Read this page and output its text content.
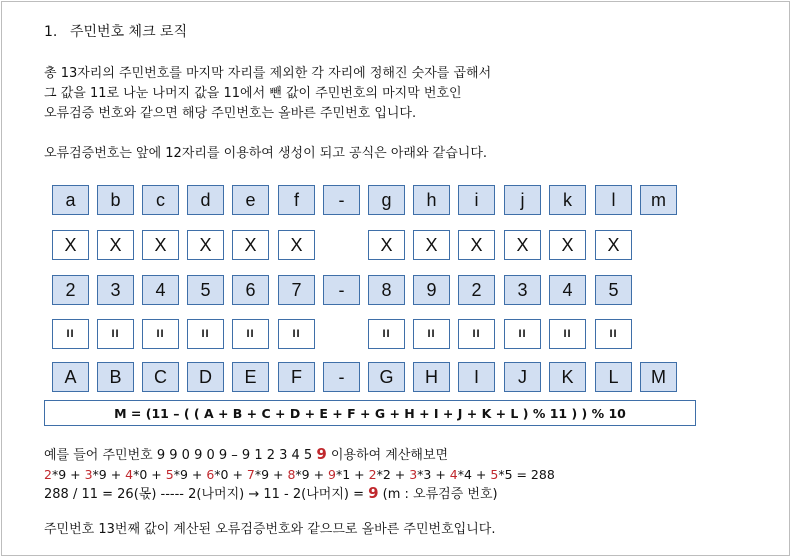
1. 주민번호 체크 로직
총 13자리의 주민번호를 마지막 자리를 제외한 각 자리에 정해진 숫자를 곱해서
그 값을 11로 나눈 나머지 값을 11에서 뺀 값이 주민번호의 마지막 번호인
오류검증 번호와 같으면 해당 주민번호는 올바른 주민번호 입니다.
오류검증번호는 앞에 12자리를 이용하여 생성이 되고 공식은 아래와 같습니다.
a	b	c	d	e	f	-	g	h	i	j	k	l	m
X	X	X	X	X	X	X	X	X	X	X	X
2	3	4	5	6	7	-	8	9	2	3	4	5
II	II	II	II	II	II	II	II	II	II	II	II
A	B	C	D	E	F	-	G	H	I	J	K	L	M
M = (11 – ( ( A + B + C + D + E + F + G + H + I + J + K + L ) % 11 ) ) % 10
예를 들어 주민번호 9 9 0 9 0 9 – 9 1 2 3 4 5 9 이용하여 계산해보면
2*9 + 3*9 + 4*0 + 5*9 + 6*0 + 7*9 + 8*9 + 9*1 + 2*2 + 3*3 + 4*4 + 5*5 = 288
288 / 11 = 26(몫) ----- 2(나머지) → 11 - 2(나머지) = 9 (m : 오류검증 번호)
주민번호 13번째 값이 계산된 오류검증번호와 같으므로 올바른 주민번호입니다.
